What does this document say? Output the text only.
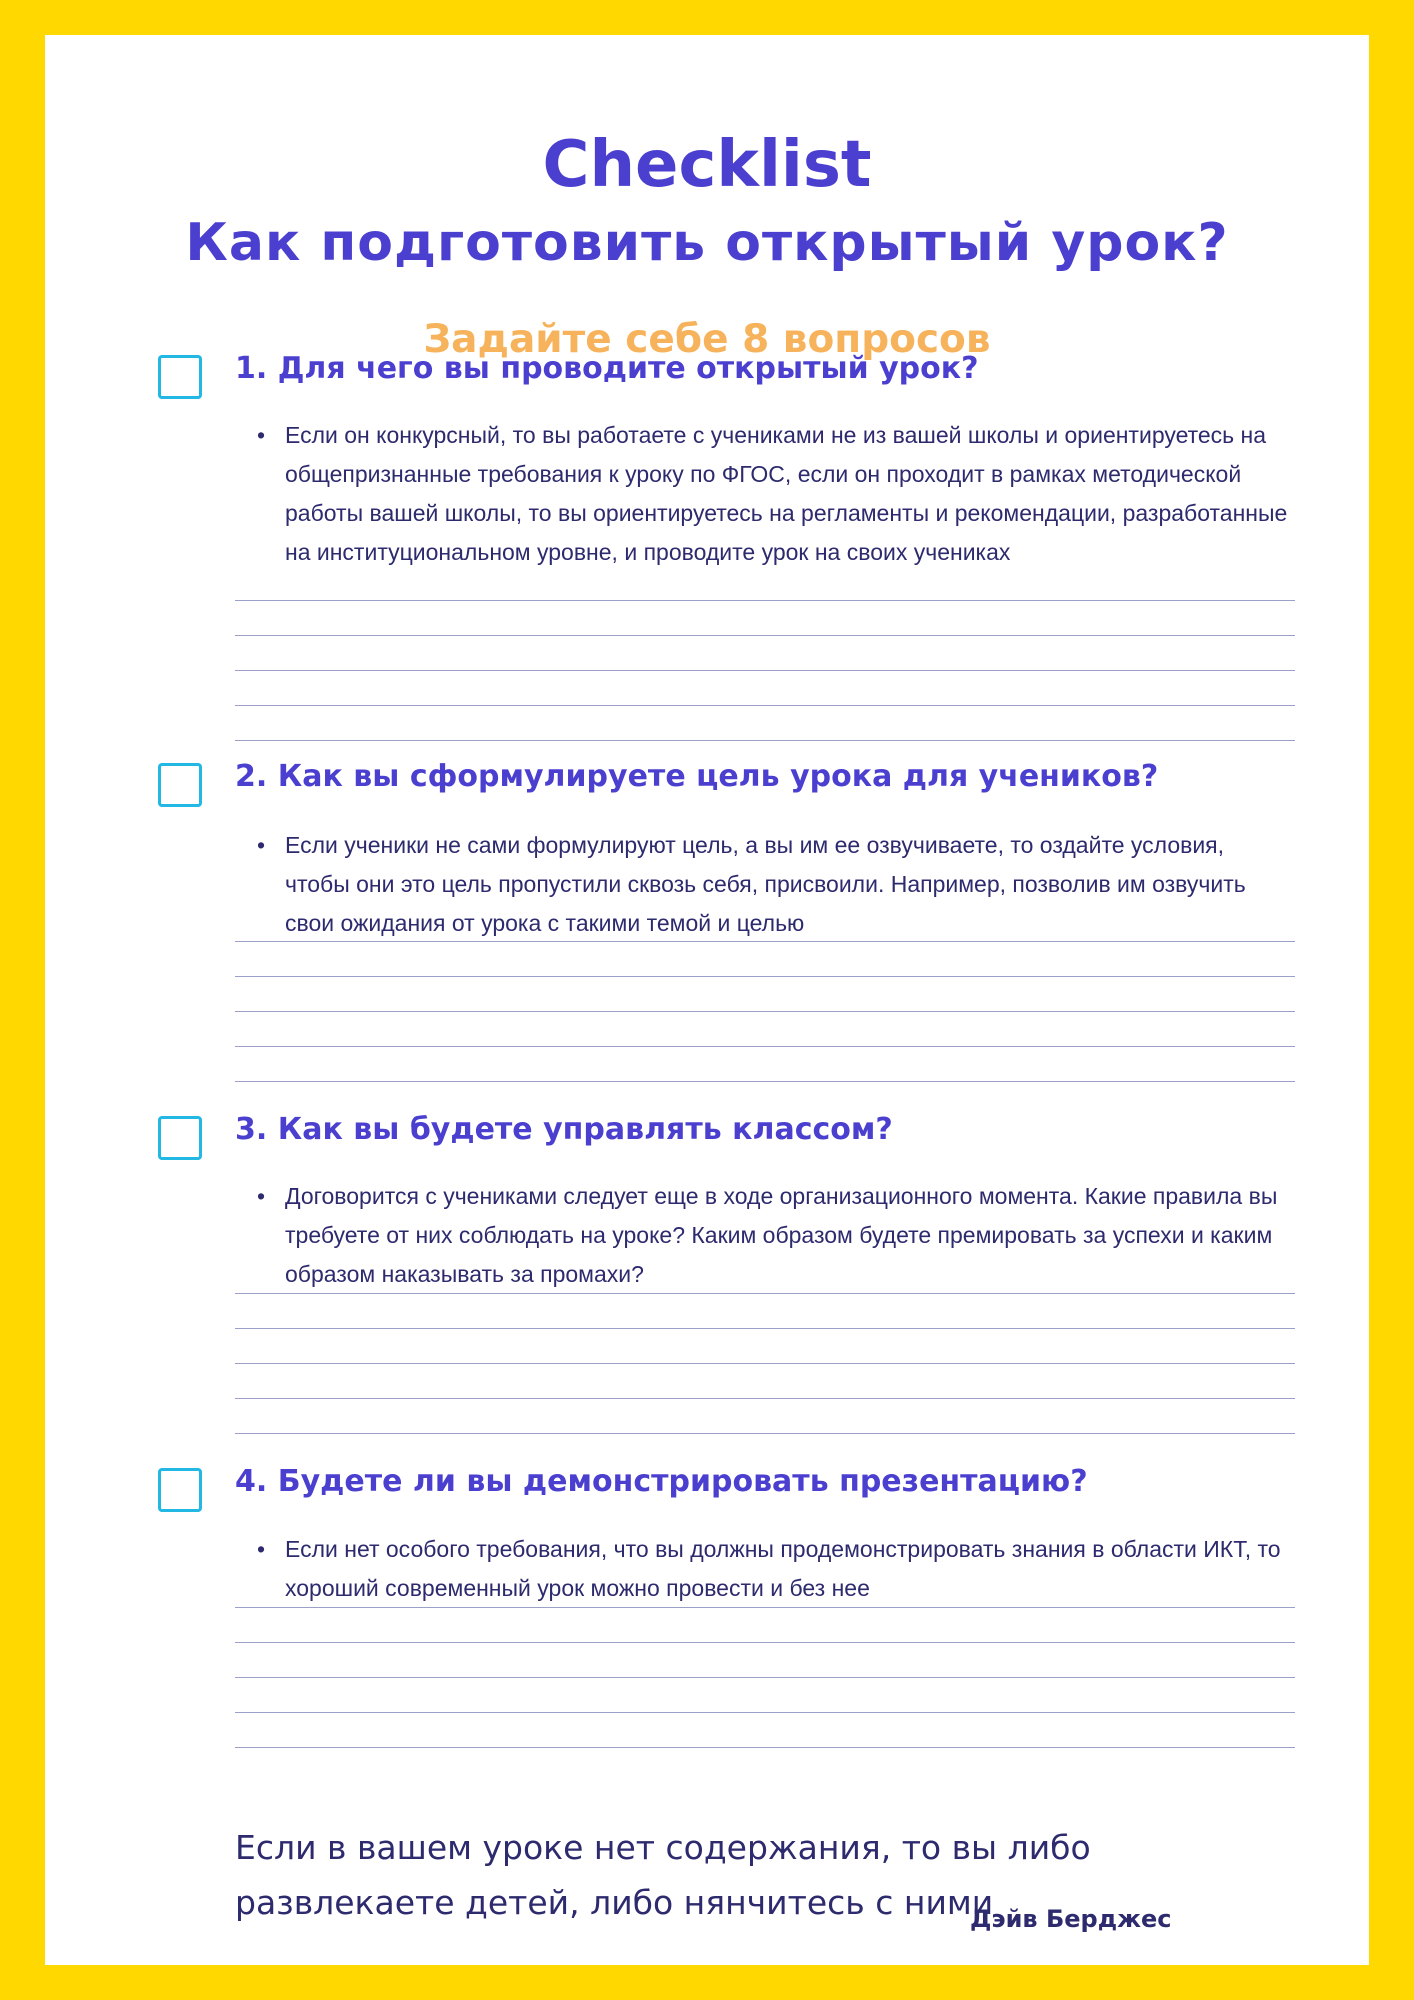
Checklist
Как подготовить открытый урок?
Задайте себе 8 вопросов
1. Для чего вы проводите открытый урок?
• Если он конкурсный, то вы работаете с учениками не из вашей школы и ориентируетесь на общепризнанные требования к уроку по ФГОС, если он проходит в рамках методической работы вашей школы, то вы ориентируетесь на регламенты и рекомендации, разработанные на институциональном уровне, и проводите урок на своих учениках
2. Как вы сформулируете цель урока для учеников?
• Если ученики не сами формулируют цель, а вы им ее озвучиваете, то оздайте условия, чтобы они это цель пропустили сквозь себя, присвоили. Например, позволив им озвучить свои ожидания от урока с такими темой и целью
3. Как вы будете управлять классом?
• Договорится с учениками следует еще в ходе организационного момента. Какие правила вы требуете от них соблюдать на уроке? Каким образом будете премировать за успехи и каким образом наказывать за промахи?
4. Будете ли вы демонстрировать презентацию?
• Если нет особого требования, что вы должны продемонстрировать знания в области ИКТ, то хороший современный урок можно провести и без нее
Если в вашем уроке нет содержания, то вы либо развлекаете детей, либо нянчитесь с ними
Дэйв Берджес
